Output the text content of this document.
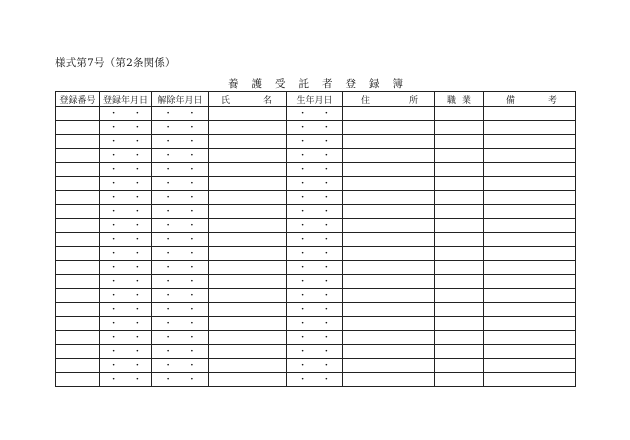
様式第7号（第2条関係）
養護受託者登録簿
登録番号	登録年月日	解除年月日	氏 名	生年月日	住 所	職 業	備 考

	・ ・	・ ・		・ ・			
	・ ・	・ ・		・ ・			
	・ ・	・ ・		・ ・			
	・ ・	・ ・		・ ・			
	・ ・	・ ・		・ ・			
	・ ・	・ ・		・ ・			
	・ ・	・ ・		・ ・			
	・ ・	・ ・		・ ・			
	・ ・	・ ・		・ ・			
	・ ・	・ ・		・ ・			
	・ ・	・ ・		・ ・			
	・ ・	・ ・		・ ・			
	・ ・	・ ・		・ ・			
	・ ・	・ ・		・ ・			
	・ ・	・ ・		・ ・			
	・ ・	・ ・		・ ・			
	・ ・	・ ・		・ ・			
	・ ・	・ ・		・ ・			
	・ ・	・ ・		・ ・			
	・ ・	・ ・		・ ・			
